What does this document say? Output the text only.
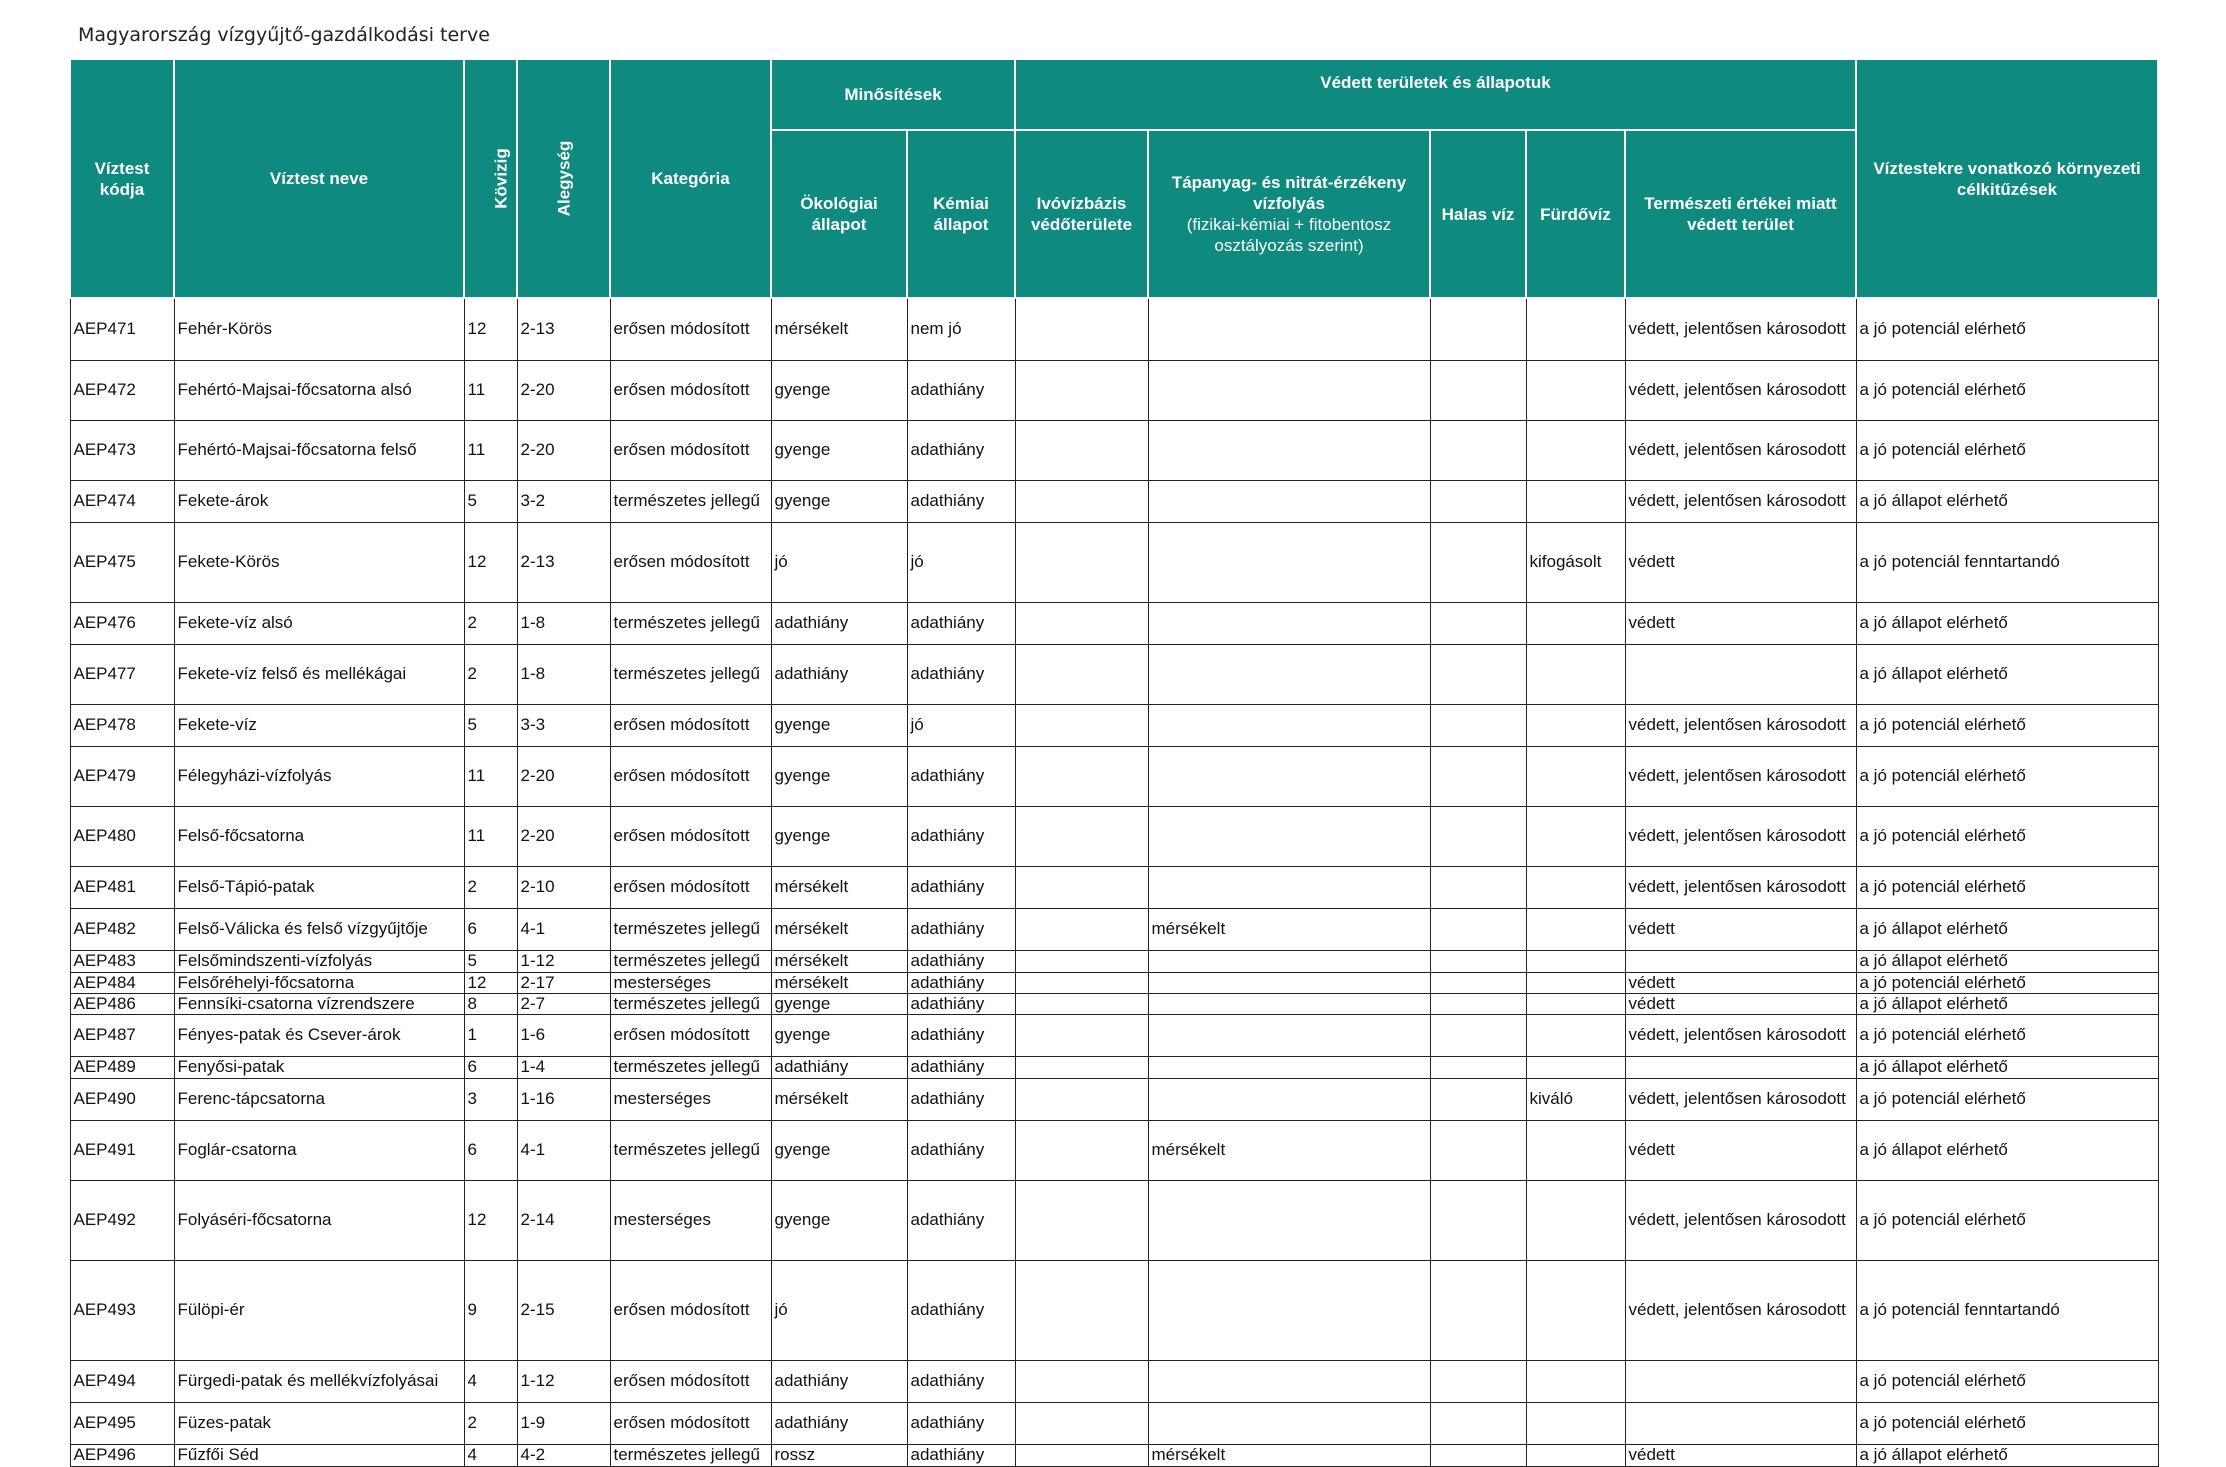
Magyarország vízgyűjtő-gazdálkodási terve
Víztest kódja	Víztest neve	Kövizig	Alegység	Kategória	Minősítések		Védett területek és állapotuk					Víztestekre vonatkozó környezeti célkitűzések
					Ökológiai állapot	Kémiai állapot	Ivóvízbázis védőterülete	Tápanyag- és nitrát-érzékeny vízfolyás
(fizikai-kémiai + fitobentosz osztályozás szerint)	Halas víz	Fürdővíz	Természeti értékei miatt védett terület	
AEP471	Fehér-Körös	12	2-13	erősen módosított	mérsékelt	nem jó					védett, jelentősen károsodott	a jó potenciál elérhető
AEP472	Fehértó-Majsai-főcsatorna alsó	11	2-20	erősen módosított	gyenge	adathiány					védett, jelentősen károsodott	a jó potenciál elérhető
AEP473	Fehértó-Majsai-főcsatorna felső	11	2-20	erősen módosított	gyenge	adathiány					védett, jelentősen károsodott	a jó potenciál elérhető
AEP474	Fekete-árok	5	3-2	természetes jellegű	gyenge	adathiány					védett, jelentősen károsodott	a jó állapot elérhető
AEP475	Fekete-Körös	12	2-13	erősen módosított	jó	jó				kifogásolt	védett	a jó potenciál fenntartandó
AEP476	Fekete-víz alsó	2	1-8	természetes jellegű	adathiány	adathiány					védett	a jó állapot elérhető
AEP477	Fekete-víz felső és mellékágai	2	1-8	természetes jellegű	adathiány	adathiány						a jó állapot elérhető
AEP478	Fekete-víz	5	3-3	erősen módosított	gyenge	jó					védett, jelentősen károsodott	a jó potenciál elérhető
AEP479	Félegyházi-vízfolyás	11	2-20	erősen módosított	gyenge	adathiány					védett, jelentősen károsodott	a jó potenciál elérhető
AEP480	Felső-főcsatorna	11	2-20	erősen módosított	gyenge	adathiány					védett, jelentősen károsodott	a jó potenciál elérhető
AEP481	Felső-Tápió-patak	2	2-10	erősen módosított	mérsékelt	adathiány					védett, jelentősen károsodott	a jó potenciál elérhető
AEP482	Felső-Válicka és felső vízgyűjtője	6	4-1	természetes jellegű	mérsékelt	adathiány		mérsékelt			védett	a jó állapot elérhető
AEP483	Felsőmindszenti-vízfolyás	5	1-12	természetes jellegű	mérsékelt	adathiány						a jó állapot elérhető
AEP484	Felsőréhelyi-főcsatorna	12	2-17	mesterséges	mérsékelt	adathiány					védett	a jó potenciál elérhető
AEP486	Fennsíki-csatorna vízrendszere	8	2-7	természetes jellegű	gyenge	adathiány					védett	a jó állapot elérhető
AEP487	Fényes-patak és Csever-árok	1	1-6	erősen módosított	gyenge	adathiány					védett, jelentősen károsodott	a jó potenciál elérhető
AEP489	Fenyősi-patak	6	1-4	természetes jellegű	adathiány	adathiány						a jó állapot elérhető
AEP490	Ferenc-tápcsatorna	3	1-16	mesterséges	mérsékelt	adathiány				kiváló	védett, jelentősen károsodott	a jó potenciál elérhető
AEP491	Foglár-csatorna	6	4-1	természetes jellegű	gyenge	adathiány		mérsékelt			védett	a jó állapot elérhető
AEP492	Folyáséri-főcsatorna	12	2-14	mesterséges	gyenge	adathiány					védett, jelentősen károsodott	a jó potenciál elérhető
AEP493	Fülöpi-ér	9	2-15	erősen módosított	jó	adathiány					védett, jelentősen károsodott	a jó potenciál fenntartandó
AEP494	Fürgedi-patak és mellékvízfolyásai	4	1-12	erősen módosított	adathiány	adathiány						a jó potenciál elérhető
AEP495	Füzes-patak	2	1-9	erősen módosított	adathiány	adathiány						a jó potenciál elérhető
AEP496	Fűzfői Séd	4	4-2	természetes jellegű	rossz	adathiány		mérsékelt			védett	a jó állapot elérhető
